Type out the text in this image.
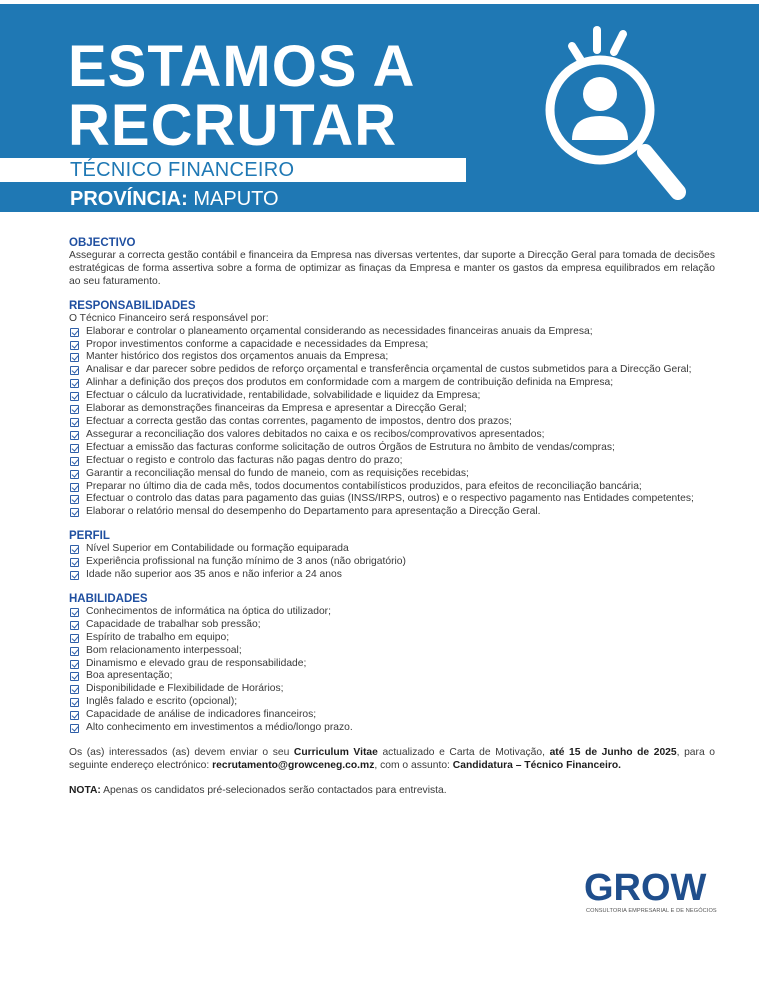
ESTAMOS A
RECRUTAR
TÉCNICO FINANCEIRO
PROVÍNCIA: MAPUTO
OBJECTIVO

Assegurar a correcta gestão contábil e financeira da Empresa nas diversas vertentes, dar suporte a Direcção Geral para tomada de decisões estratégicas de forma assertiva sobre a forma de optimizar as finaças da Empresa e manter os gastos da empresa equilibrados em relação ao seu faturamento.

RESPONSABILIDADES

O Técnico Financeiro será responsável por:

Elaborar e controlar o planeamento orçamental considerando as necessidades financeiras anuais da Empresa;
Propor investimentos conforme a capacidade e necessidades da Empresa;
Manter histórico dos registos dos orçamentos anuais da Empresa;
Analisar e dar parecer sobre pedidos de reforço orçamental e transferência orçamental de custos submetidos para a Direcção Geral;
Alinhar a definição dos preços dos produtos em conformidade com a margem de contribuição definida na Empresa;
Efectuar o cálculo da lucratividade, rentabilidade, solvabilidade e liquidez da Empresa;
Elaborar as demonstrações financeiras da Empresa e apresentar a Direcção Geral;
Efectuar a correcta gestão das contas correntes, pagamento de impostos, dentro dos prazos;
Assegurar a reconciliação dos valores debitados no caixa e os recibos/comprovativos apresentados;
Efectuar a emissão das facturas conforme solicitação de outros Órgãos de Estrutura no âmbito de vendas/compras;
Efectuar o registo e controlo das facturas não pagas dentro do prazo;
Garantir a reconciliação mensal do fundo de maneio, com as requisições recebidas;
Preparar no último dia de cada mês, todos documentos contabilísticos produzidos, para efeitos de reconciliação bancária;
Efectuar o controlo das datas para pagamento das guias (INSS/IRPS, outros) e o respectivo pagamento nas Entidades competentes;
Elaborar o relatório mensal do desempenho do Departamento para apresentação a Direcção Geral.
PERFIL
Nível Superior em Contabilidade ou formação equiparada
Experiência profissional na função mínimo de 3 anos (não obrigatório)
Idade não superior aos 35 anos e não inferior a 24 anos
HABILIDADES
Conhecimentos de informática na óptica do utilizador;
Capacidade de trabalhar sob pressão;
Espírito de trabalho em equipo;
Bom relacionamento interpessoal;
Dinamismo e elevado grau de responsabilidade;
Boa apresentação;
Disponibilidade e Flexibilidade de Horários;
Inglês falado e escrito (opcional);
Capacidade de análise de indicadores financeiros;
Alto conhecimento em investimentos a médio/longo prazo.

Os (as) interessados (as) devem enviar o seu Curriculum Vitae actualizado e Carta de Motivação, até 15 de Junho de 2025, para o seguinte endereço electrónico: recrutamento@growceneg.co.mz, com o assunto: Candidatura – Técnico Financeiro.

NOTA: Apenas os candidatos pré-selecionados serão contactados para entrevista.

GROW
CONSULTORIA EMPRESARIAL E DE NEGÓCIOS
